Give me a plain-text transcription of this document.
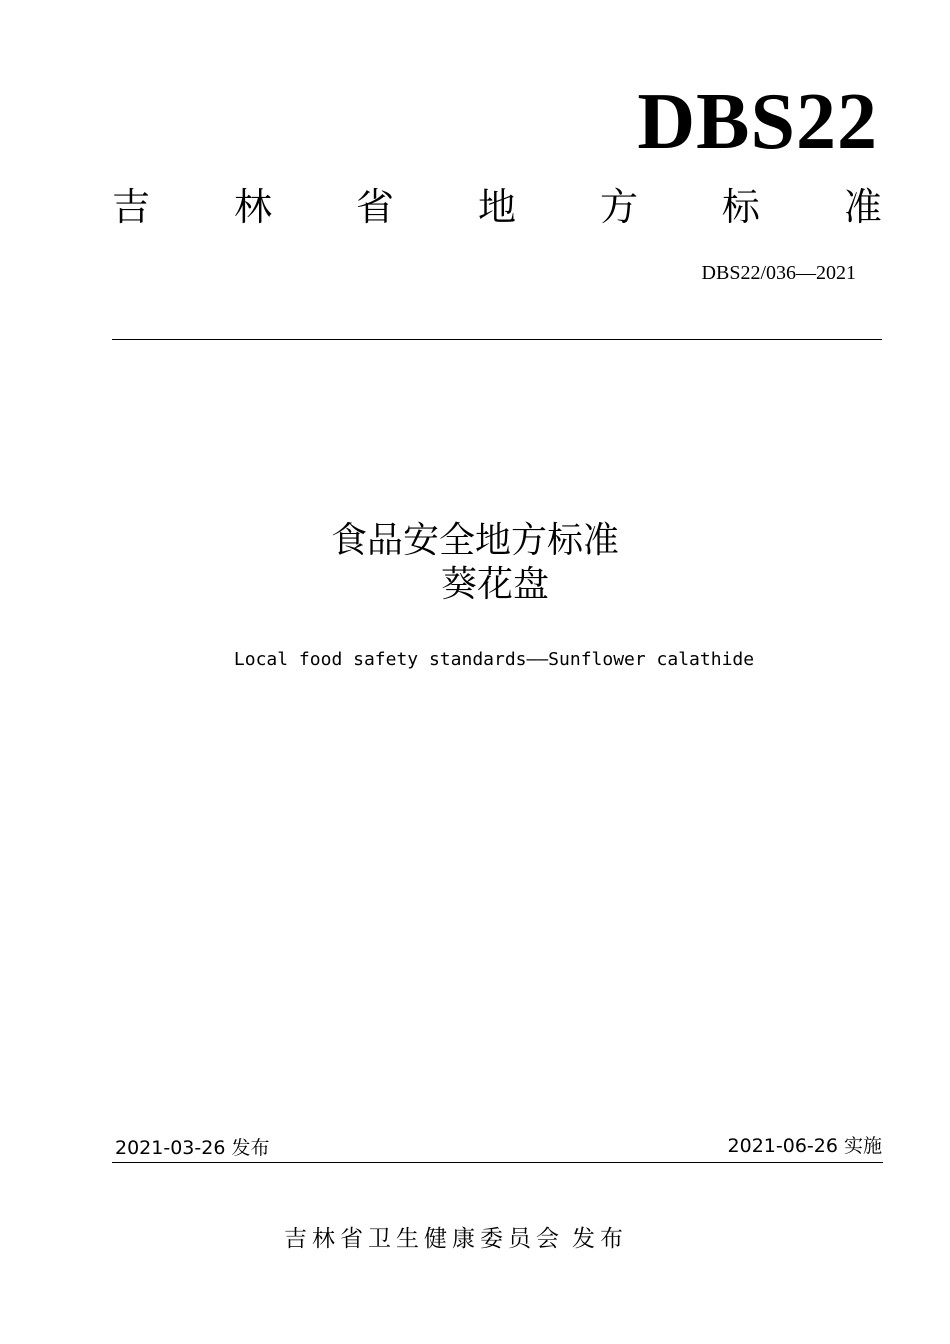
DBS22
吉 林 省 地 方 标 准
DBS22/036—2021
食品安全地方标准
葵花盘
Local food safety standards——Sunflower calathide
2021-03-26 发布	2021-06-26 实施
吉林省卫生健康委员会 发布
